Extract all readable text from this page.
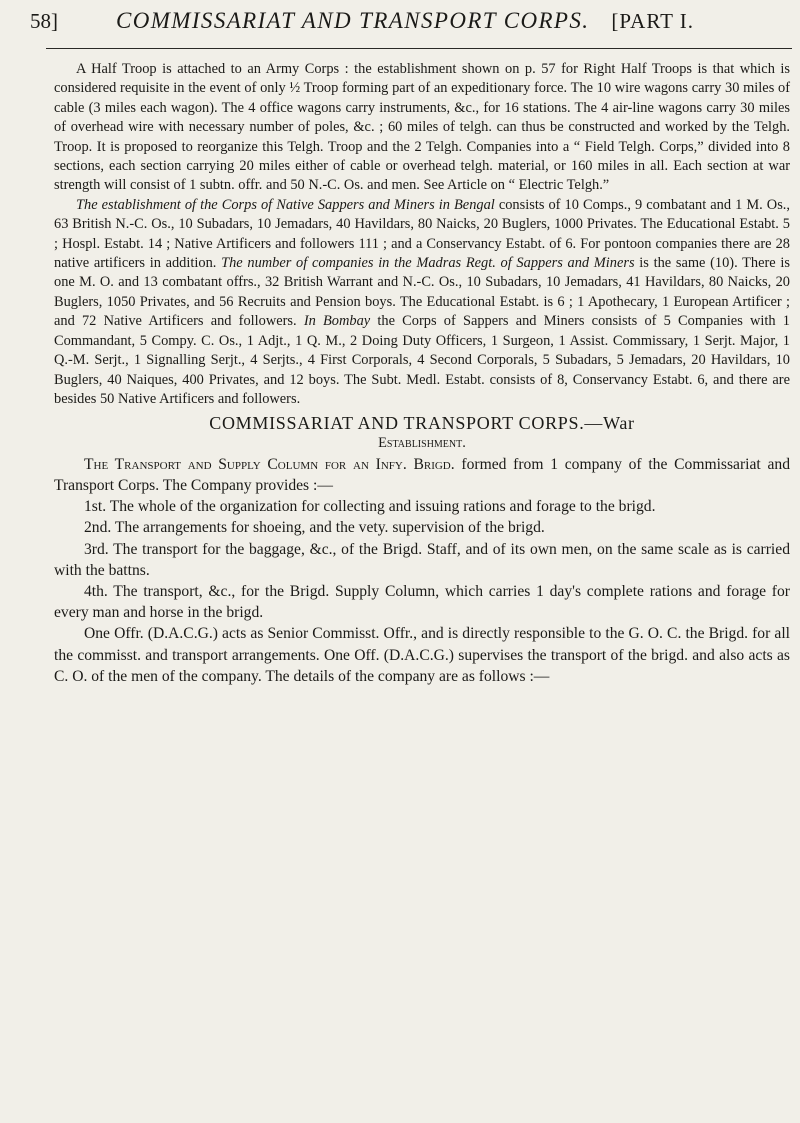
58]	COMMISSARIAT AND TRANSPORT CORPS. [PART I.

A Half Troop is attached to an Army Corps : the establishment shown on p. 57 for Right Half Troops is that which is considered requisite in the event of only ½ Troop forming part of an expeditionary force. The 10 wire wagons carry 30 miles of cable (3 miles each wagon). The 4 office wagons carry instruments, &c., for 16 stations. The 4 air-line wagons carry 30 miles of overhead wire with necessary number of poles, &c. ; 60 miles of telgh. can thus be constructed and worked by the Telgh. Troop. It is proposed to reorganize this Telgh. Troop and the 2 Telgh. Companies into a “ Field Telgh. Corps,” divided into 8 sections, each section carrying 20 miles either of cable or overhead telgh. material, or 160 miles in all. Each section at war strength will consist of 1 subtn. offr. and 50 N.-C. Os. and men. See Article on “ Electric Telgh.”

The establishment of the Corps of Native Sappers and Miners in Bengal consists of 10 Comps., 9 combatant and 1 M. Os., 63 British N.-C. Os., 10 Subadars, 10 Jemadars, 40 Havildars, 80 Naicks, 20 Buglers, 1000 Privates. The Educational Estabt. 5 ; Hospl. Estabt. 14 ; Native Artificers and followers 111 ; and a Conservancy Estabt. of 6. For pontoon companies there are 28 native artificers in addition. The number of companies in the Madras Regt. of Sappers and Miners is the same (10). There is one M. O. and 13 combatant offrs., 32 British Warrant and N.-C. Os., 10 Subadars, 10 Jemadars, 41 Havildars, 80 Naicks, 20 Buglers, 1050 Privates, and 56 Recruits and Pension boys. The Educational Estabt. is 6 ; 1 Apothecary, 1 European Artificer ; and 72 Native Artificers and followers. In Bombay the Corps of Sappers and Miners consists of 5 Companies with 1 Commandant, 5 Compy. C. Os., 1 Adjt., 1 Q. M., 2 Doing Duty Officers, 1 Surgeon, 1 Assist. Commissary, 1 Serjt. Major, 1 Q.-M. Serjt., 1 Signalling Serjt., 4 Serjts., 4 First Corporals, 4 Second Corporals, 5 Subadars, 5 Jemadars, 20 Havildars, 10 Buglers, 40 Naiques, 400 Privates, and 12 boys. The Subt. Medl. Estabt. consists of 8, Conservancy Estabt. 6, and there are besides 50 Native Artificers and followers.

COMMISSARIAT AND TRANSPORT CORPS.—War
Establishment.

The Transport and Supply Column for an Infy. Brigd. formed from 1 company of the Commissariat and Transport Corps. The Company provides :—

1st. The whole of the organization for collecting and issuing rations and forage to the brigd.

2nd. The arrangements for shoeing, and the vety. supervision of the brigd.

3rd. The transport for the baggage, &c., of the Brigd. Staff, and of its own men, on the same scale as is carried with the battns.

4th. The transport, &c., for the Brigd. Supply Column, which carries 1 day's complete rations and forage for every man and horse in the brigd.

One Offr. (D.A.C.G.) acts as Senior Commisst. Offr., and is directly responsible to the G. O. C. the Brigd. for all the commisst. and transport arrangements. One Off. (D.A.C.G.) supervises the transport of the brigd. and also acts as C. O. of the men of the company. The details of the company are as follows :—
